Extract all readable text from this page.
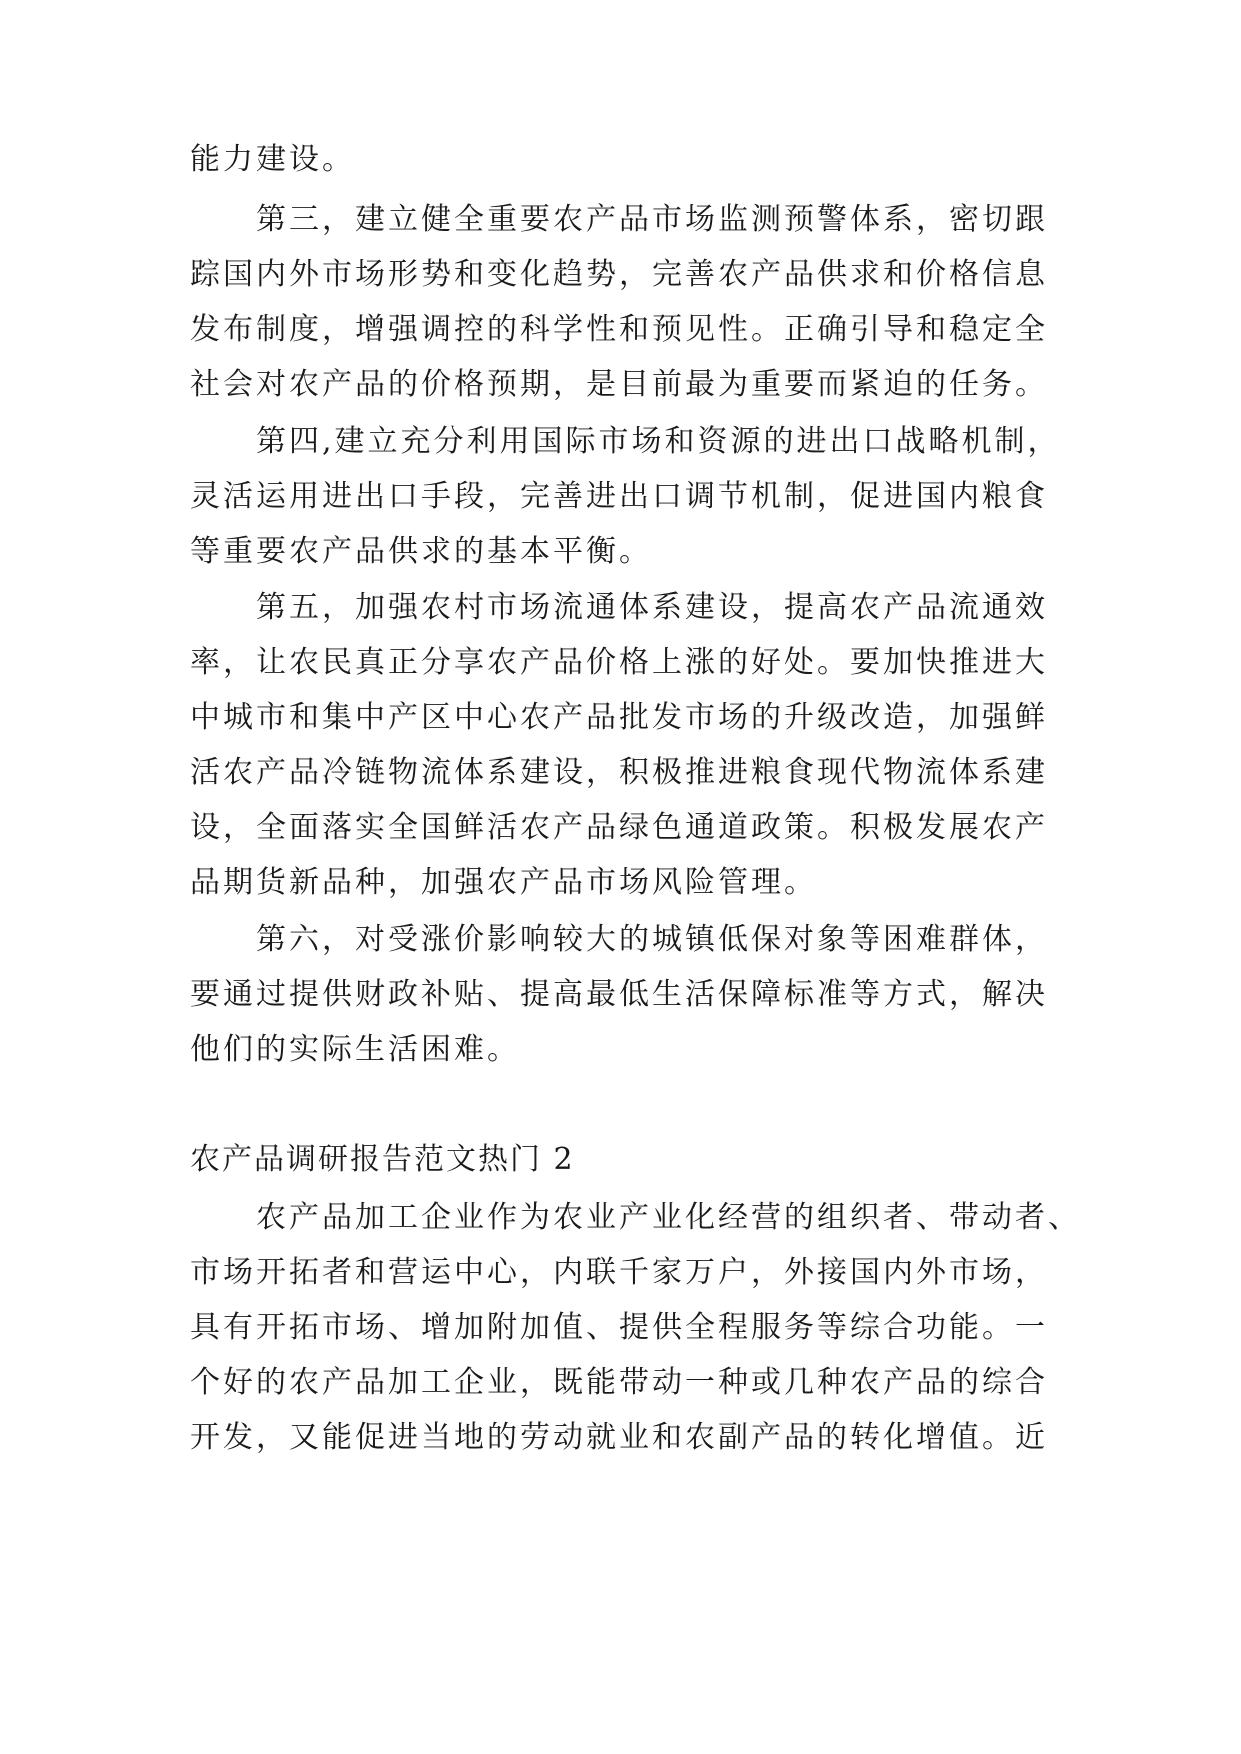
能力建设。
　　第三，建立健全重要农产品市场监测预警体系，密切跟
踪国内外市场形势和变化趋势，完善农产品供求和价格信息
发布制度，增强调控的科学性和预见性。正确引导和稳定全
社会对农产品的价格预期，是目前最为重要而紧迫的任务。
　　第四,建立充分利用国际市场和资源的进出口战略机制，
灵活运用进出口手段，完善进出口调节机制，促进国内粮食
等重要农产品供求的基本平衡。
　　第五，加强农村市场流通体系建设，提高农产品流通效
率，让农民真正分享农产品价格上涨的好处。要加快推进大
中城市和集中产区中心农产品批发市场的升级改造，加强鲜
活农产品冷链物流体系建设，积极推进粮食现代物流体系建
设，全面落实全国鲜活农产品绿色通道政策。积极发展农产
品期货新品种，加强农产品市场风险管理。
　　第六，对受涨价影响较大的城镇低保对象等困难群体，
要通过提供财政补贴、提高最低生活保障标准等方式，解决
他们的实际生活困难。
农产品调研报告范文热门 2
　　农产品加工企业作为农业产业化经营的组织者、带动者、
市场开拓者和营运中心，内联千家万户，外接国内外市场，
具有开拓市场、增加附加值、提供全程服务等综合功能。一
个好的农产品加工企业，既能带动一种或几种农产品的综合
开发，又能促进当地的劳动就业和农副产品的转化增值。近
